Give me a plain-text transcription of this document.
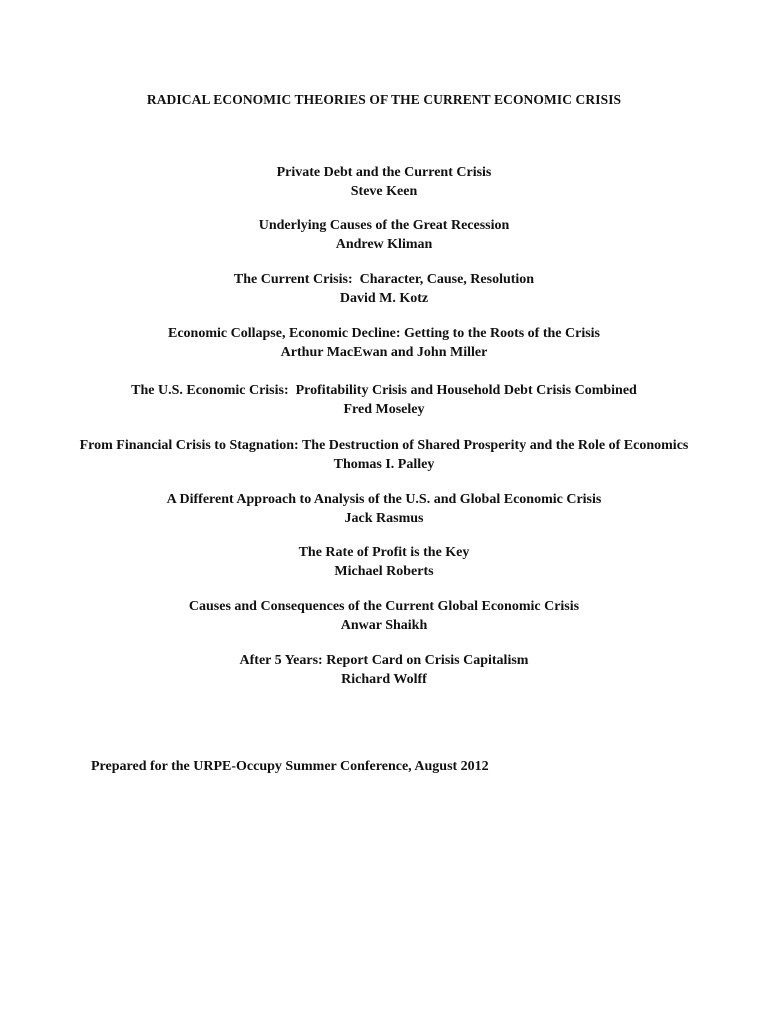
RADICAL ECONOMIC THEORIES OF THE CURRENT ECONOMIC CRISIS
Private Debt and the Current Crisis
Steve Keen
Underlying Causes of the Great Recession
Andrew Kliman
The Current Crisis:  Character, Cause, Resolution
David M. Kotz
Economic Collapse, Economic Decline: Getting to the Roots of the Crisis
Arthur MacEwan and John Miller
The U.S. Economic Crisis:  Profitability Crisis and Household Debt Crisis Combined
Fred Moseley
From Financial Crisis to Stagnation: The Destruction of Shared Prosperity and the Role of Economics
Thomas I. Palley
A Different Approach to Analysis of the U.S. and Global Economic Crisis
Jack Rasmus
The Rate of Profit is the Key
Michael Roberts
Causes and Consequences of the Current Global Economic Crisis
Anwar Shaikh
After 5 Years: Report Card on Crisis Capitalism
Richard Wolff
Prepared for the URPE-Occupy Summer Conference, August 2012
